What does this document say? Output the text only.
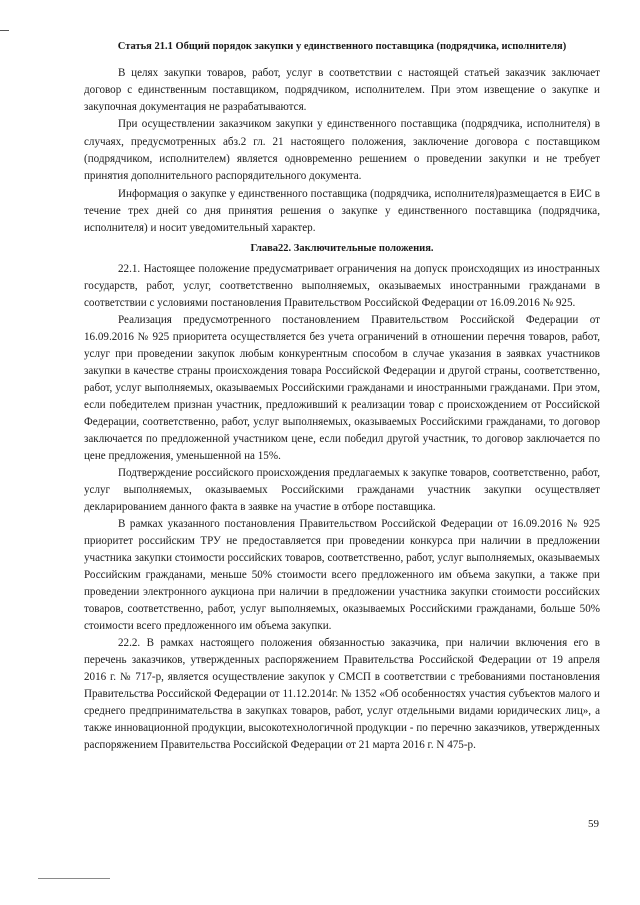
Статья 21.1 Общий порядок закупки у единственного поставщика (подрядчика, исполнителя)

В целях закупки товаров, работ, услуг в соответствии с настоящей статьей заказчик заключает договор с единственным поставщиком, подрядчиком, исполнителем. При этом извещение о закупке и закупочная документация не разрабатываются.

При осуществлении заказчиком закупки у единственного поставщика (подрядчика, исполнителя) в случаях, предусмотренных абз.2 гл. 21 настоящего положения, заключение договора с поставщиком (подрядчиком, исполнителем) является одновременно решением о проведении закупки и не требует принятия дополнительного распорядительного документа.

Информация о закупке у единственного поставщика (подрядчика, исполнителя)размещается в ЕИС в течение трех дней со дня принятия решения о закупке у единственного поставщика (подрядчика, исполнителя) и носит уведомительный характер.

Глава22. Заключительные положения.

22.1. Настоящее положение предусматривает ограничения на допуск происходящих из иностранных государств, работ, услуг, соответственно выполняемых, оказываемых иностранными гражданами в соответствии с условиями постановления Правительством Российской Федерации от 16.09.2016 № 925.

Реализация предусмотренного постановлением Правительством Российской Федерации от 16.09.2016 № 925 приоритета осуществляется без учета ограничений в отношении перечня товаров, работ, услуг при проведении закупок любым конкурентным способом в случае указания в заявках участников закупки в качестве страны происхождения товара Российской Федерации и другой страны, соответственно, работ, услуг выполняемых, оказываемых Российскими гражданами и иностранными гражданами. При этом, если победителем признан участник, предложивший к реализации товар с происхождением от Российской Федерации, соответственно, работ, услуг выполняемых, оказываемых Российскими гражданами, то договор заключается по предложенной участником цене, если победил другой участник, то договор заключается по цене предложения, уменьшенной на 15%.

Подтверждение российского происхождения предлагаемых к закупке товаров, соответственно, работ, услуг выполняемых, оказываемых Российскими гражданами участник закупки осуществляет декларированием данного факта в заявке на участие в отборе поставщика.

В рамках указанного постановления Правительством Российской Федерации от 16.09.2016 № 925 приоритет российским ТРУ не предоставляется при проведении конкурса при наличии в предложении участника закупки стоимости российских товаров, соответственно, работ, услуг выполняемых, оказываемых Российским гражданами, меньше 50% стоимости всего предложенного им объема закупки, а также при проведении электронного аукциона при наличии в предложении участника закупки стоимости российских товаров, соответственно, работ, услуг выполняемых, оказываемых Российскими гражданами, больше 50% стоимости всего предложенного им объема закупки.

22.2. В рамках настоящего положения обязанностью заказчика, при наличии включения его в перечень заказчиков, утвержденных распоряжением Правительства Российской Федерации от 19 апреля 2016 г. № 717-р, является осуществление закупок у СМСП в соответствии с требованиями постановления Правительства Российской Федерации от 11.12.2014г. № 1352 «Об особенностях участия субъектов малого и среднего предпринимательства в закупках товаров, работ, услуг отдельными видами юридических лиц», а также инновационной продукции, высокотехнологичной продукции - по перечню заказчиков, утвержденных распоряжением Правительства Российской Федерации от 21 марта 2016 г. N 475-р.

59
